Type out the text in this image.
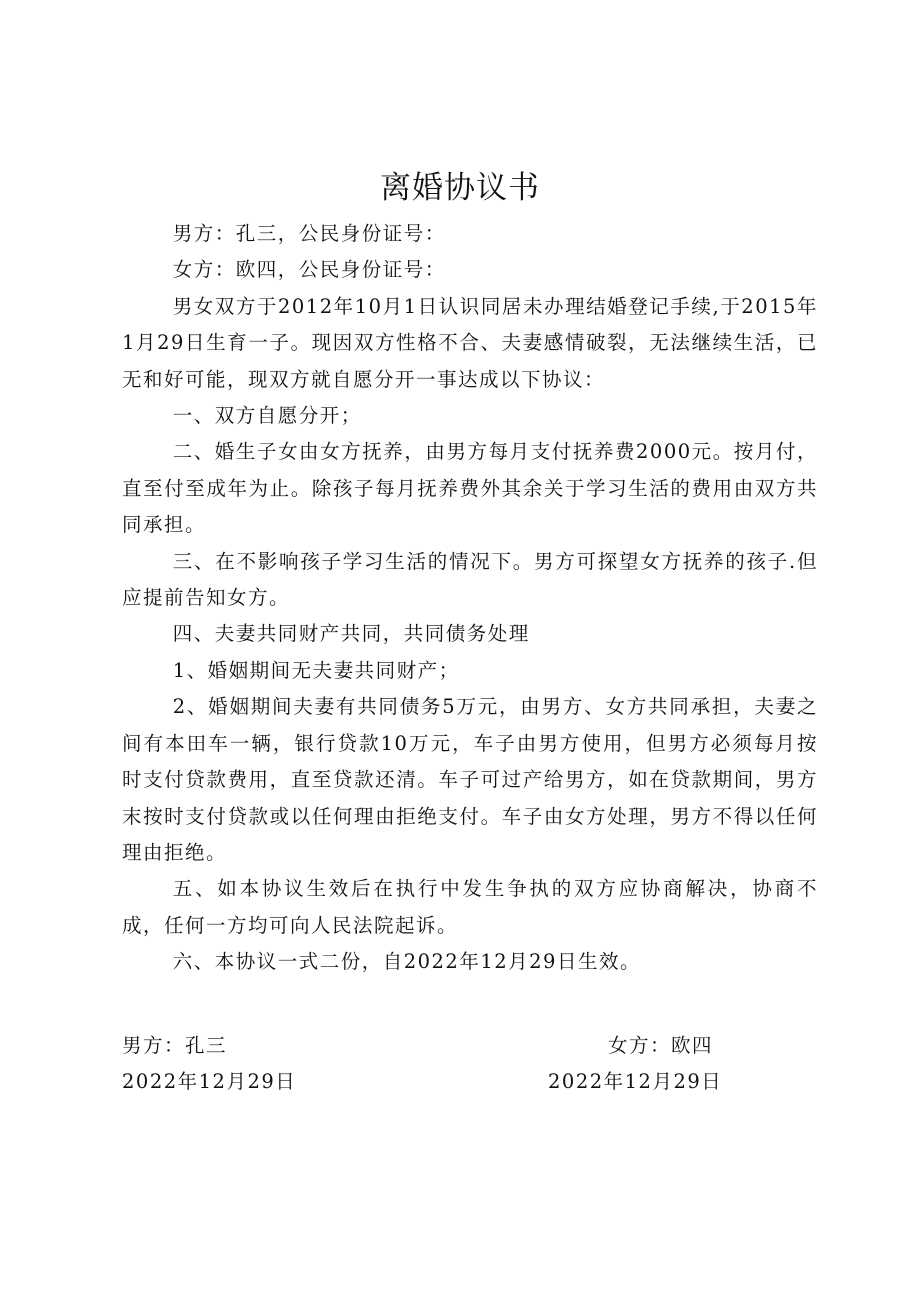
离婚协议书

男方：孔三，公民身份证号：

女方：欧四，公民身份证号：

男女双方于2012年10月1日认识同居未办理结婚登记手续,于2015年1月29日生育一子。现因双方性格不合、夫妻感情破裂，无法继续生活，已无和好可能，现双方就自愿分开一事达成以下协议：

一、双方自愿分开；

二、婚生子女由女方抚养，由男方每月支付抚养费2000元。按月付，直至付至成年为止。除孩子每月抚养费外其余关于学习生活的费用由双方共同承担。

三、在不影响孩子学习生活的情况下。男方可探望女方抚养的孩子.但应提前告知女方。

四、夫妻共同财产共同，共同债务处理

1、婚姻期间无夫妻共同财产；

2、婚姻期间夫妻有共同债务5万元，由男方、女方共同承担，夫妻之间有本田车一辆，银行贷款10万元，车子由男方使用，但男方必须每月按时支付贷款费用，直至贷款还清。车子可过产给男方，如在贷款期间，男方末按时支付贷款或以任何理由拒绝支付。车子由女方处理，男方不得以任何理由拒绝。

五、如本协议生效后在执行中发生争执的双方应协商解决，协商不成，任何一方均可向人民法院起诉。

六、本协议一式二份，自2022年12月29日生效。

男方：孔三
2022年12月29日
女方：欧四
2022年12月29日
